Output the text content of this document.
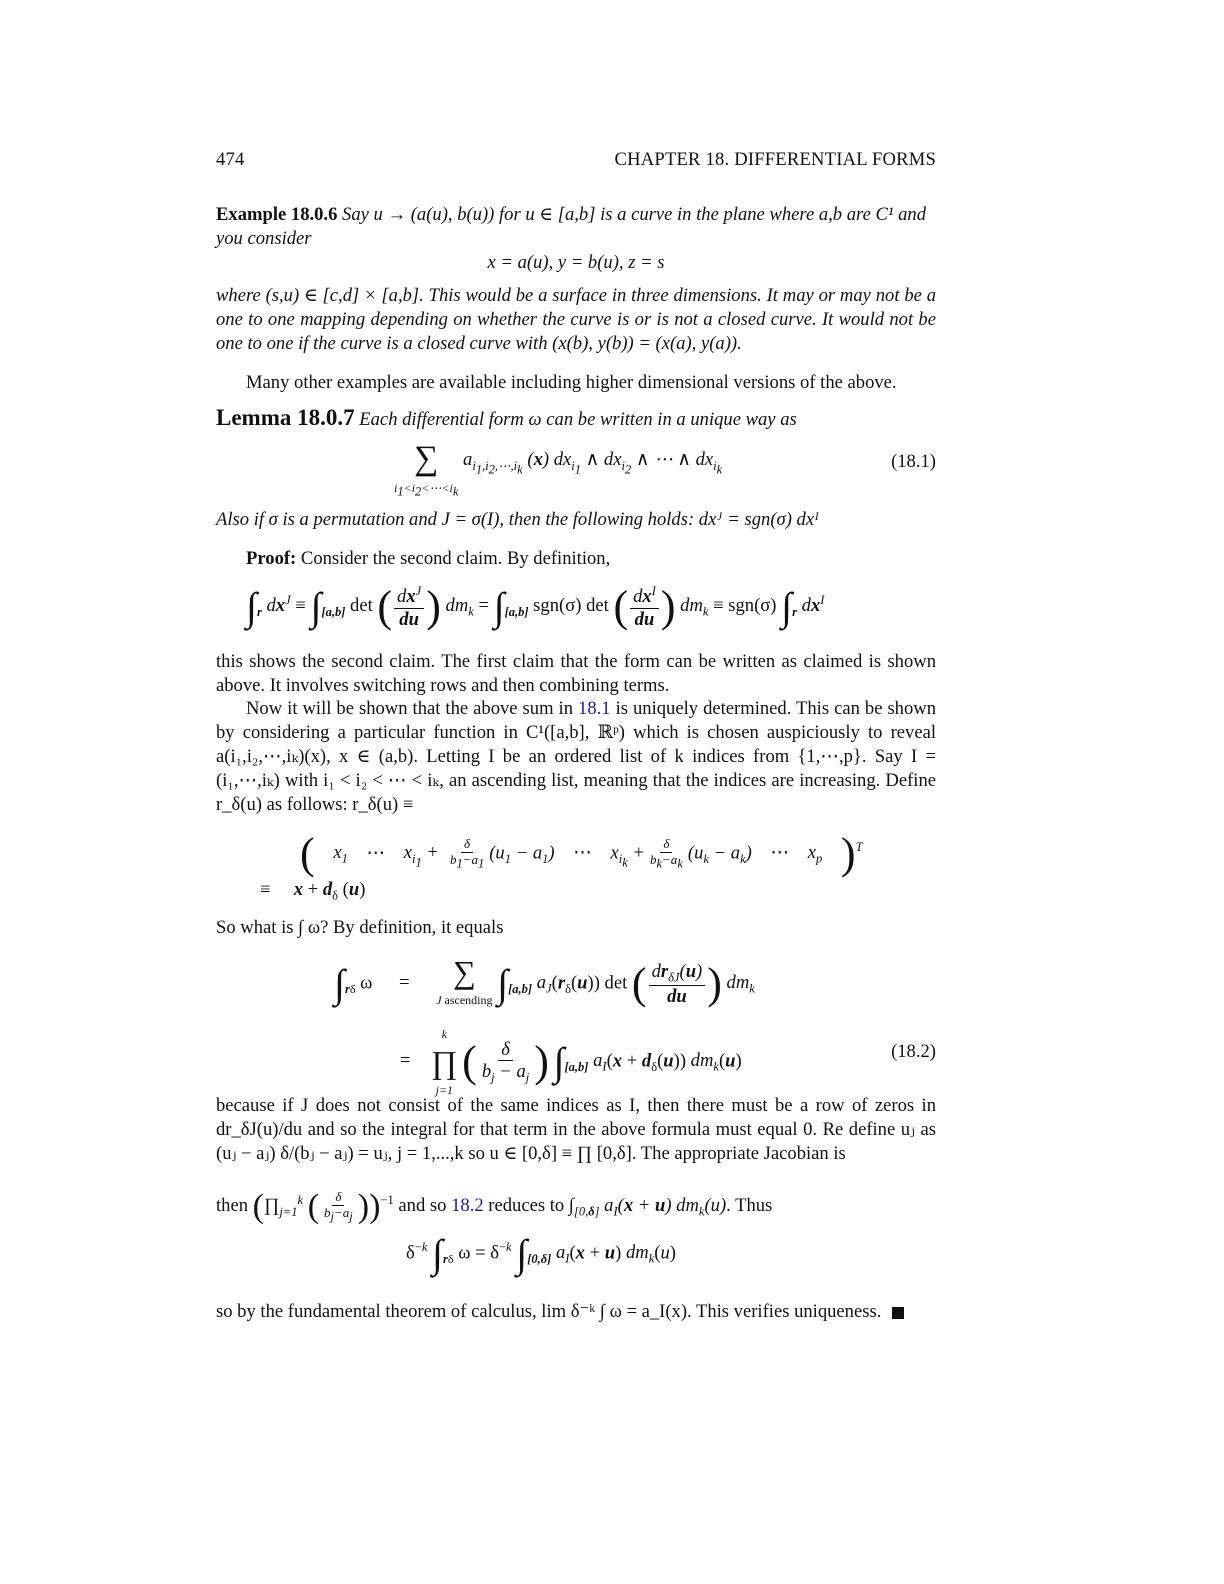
474	CHAPTER 18. DIFFERENTIAL FORMS
Example 18.0.6 Say u → (a(u), b(u)) for u ∈ [a,b] is a curve in the plane where a,b are C¹ and you consider
x = a(u), y = b(u), z = s
where (s,u) ∈ [c,d] × [a,b]. This would be a surface in three dimensions. It may or may not be a one to one mapping depending on whether the curve is or is not a closed curve. It would not be one to one if the curve is a closed curve with (x(b), y(b)) = (x(a), y(a)).
Many other examples are available including higher dimensional versions of the above.
Lemma 18.0.7 Each differential form ω can be written in a unique way as
∑
$i_1<i_2<\cdots<i_k$
$a_{i_1,i_2,\cdots,i_k}$ (x) $dx_{i_1}$ ∧ $dx_{i_2}$ ∧ ⋯ ∧ $dx_{i_k}$	(18.1)
Also if σ is a permutation and J = σ(I), then the following holds: dxᴶ = sgn(σ) dxᴵ
Proof: Consider the second claim. By definition,
$\int_r$ $dx^J \equiv \int_{[a,b]}$ det ( $\frac{dx^J}{du}$ ) $dm_k = \int_{[a,b]}$ sgn(σ) det ( $\frac{dx^I}{du}$ ) $dm_k \equiv sgn(\sigma)$ $\int_r$ $dx^I$
this shows the second claim. The first claim that the form can be written as claimed is shown above. It involves switching rows and then combining terms.
Now it will be shown that the above sum in 18.1 is uniquely determined. This can be shown by considering a particular function in C¹([a,b], ℝᵖ) which is chosen auspiciously to reveal a(i₁,i₂,⋯,iₖ)(x), x ∈ (a,b). Letting I be an ordered list of k indices from {1,⋯,p}. Say I = (i₁,⋯,iₖ) with i₁ < i₂ < ⋯ < iₖ, an ascending list, meaning that the indices are increasing. Define r_δ(u) as follows: r_δ(u) ≡
( $x_1$ ⋯ $x_{i_1} + \frac{\delta}{b_1-a_1} (u_1 - a_1)$ ⋯ $x_{i_k} + \frac{\delta}{b_k-a_k} (u_k - a_k)$ ⋯ $x_p$ )$^T$
≡     $x + d_\delta$ (u)
So what is ∫ ω? By definition, it equals
$\int_{r\delta}$ ω = ∑
J ascending $\int_{[a,b]}$ $a_J(r_\delta(u))$ det ( $\frac{dr_{\delta J}(u)}{du}$ ) $dm_k$
=
k
∏
j=1
( $\frac{\delta}{b_j - a_j}$ ) $\int_{[a,b]}$ $a_I(x + d_\delta(u))$ $dm_k(u)$	(18.2)
because if J does not consist of the same indices as I, then there must be a row of zeros in dr_δJ(u)/du and so the integral for that term in the above formula must equal 0. Re define uⱼ as (uⱼ − aⱼ) δ/(bⱼ − aⱼ) = uⱼ, j = 1,...,k so u ∈ [0,δ] ≡ ∏ [0,δ]. The appropriate Jacobian is
then ($\prod_{j=1}^k$ ( $\frac{\delta}{b_j-a_j} ))^{-1}$ and so 18.2 reduces to $\int_{[0,\delta]}$ $a_I(x + u)$ $dm_k(u)$. Thus
$\delta^{-k}$ $\int_{r\delta}$ $\omega = \delta^{-k}$ $\int_{[0,\delta]}$ $a_I(x + u)$ $dm_k(u)$
so by the fundamental theorem of calculus, lim δ⁻ᵏ ∫ ω = a_I(x). This verifies uniqueness.
